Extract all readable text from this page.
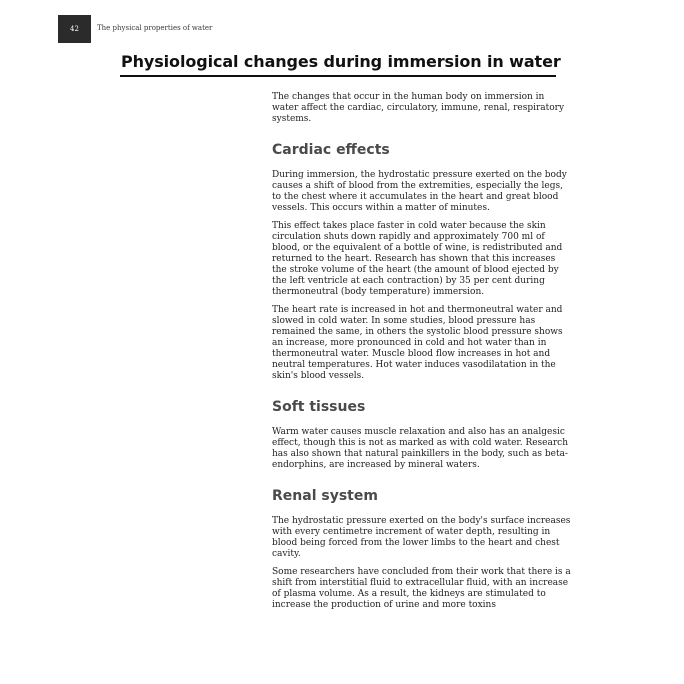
42	The physical properties of water
Physiological changes during immersion in water

The changes that occur in the human body on immersion in water affect the cardiac, circulatory, immune, renal, respiratory systems.

Cardiac effects

During immersion, the hydrostatic pressure exerted on the body causes a shift of blood from the extremities, especially the legs, to the chest where it accumulates in the heart and great blood vessels. This occurs within a matter of minutes.

This effect takes place faster in cold water because the skin circulation shuts down rapidly and approximately 700 ml of blood, or the equivalent of a bottle of wine, is redistributed and returned to the heart. Research has shown that this increases the stroke volume of the heart (the amount of blood ejected by the left ventricle at each contraction) by 35 per cent during thermoneutral (body temperature) immersion.

The heart rate is increased in hot and thermoneutral water and slowed in cold water. In some studies, blood pressure has remained the same, in others the systolic blood pressure shows an increase, more pronounced in cold and hot water than in thermoneutral water. Muscle blood flow increases in hot and neutral temperatures. Hot water induces vasodilatation in the skin's blood vessels.

Soft tissues

Warm water causes muscle relaxation and also has an analgesic effect, though this is not as marked as with cold water. Research has also shown that natural painkillers in the body, such as beta-endorphins, are increased by mineral waters.

Renal system

The hydrostatic pressure exerted on the body's surface increases with every centimetre increment of water depth, resulting in blood being forced from the lower limbs to the heart and chest cavity.

Some researchers have concluded from their work that there is a shift from interstitial fluid to extracellular fluid, with an increase of plasma volume. As a result, the kidneys are stimulated to increase the production of urine and more toxins
